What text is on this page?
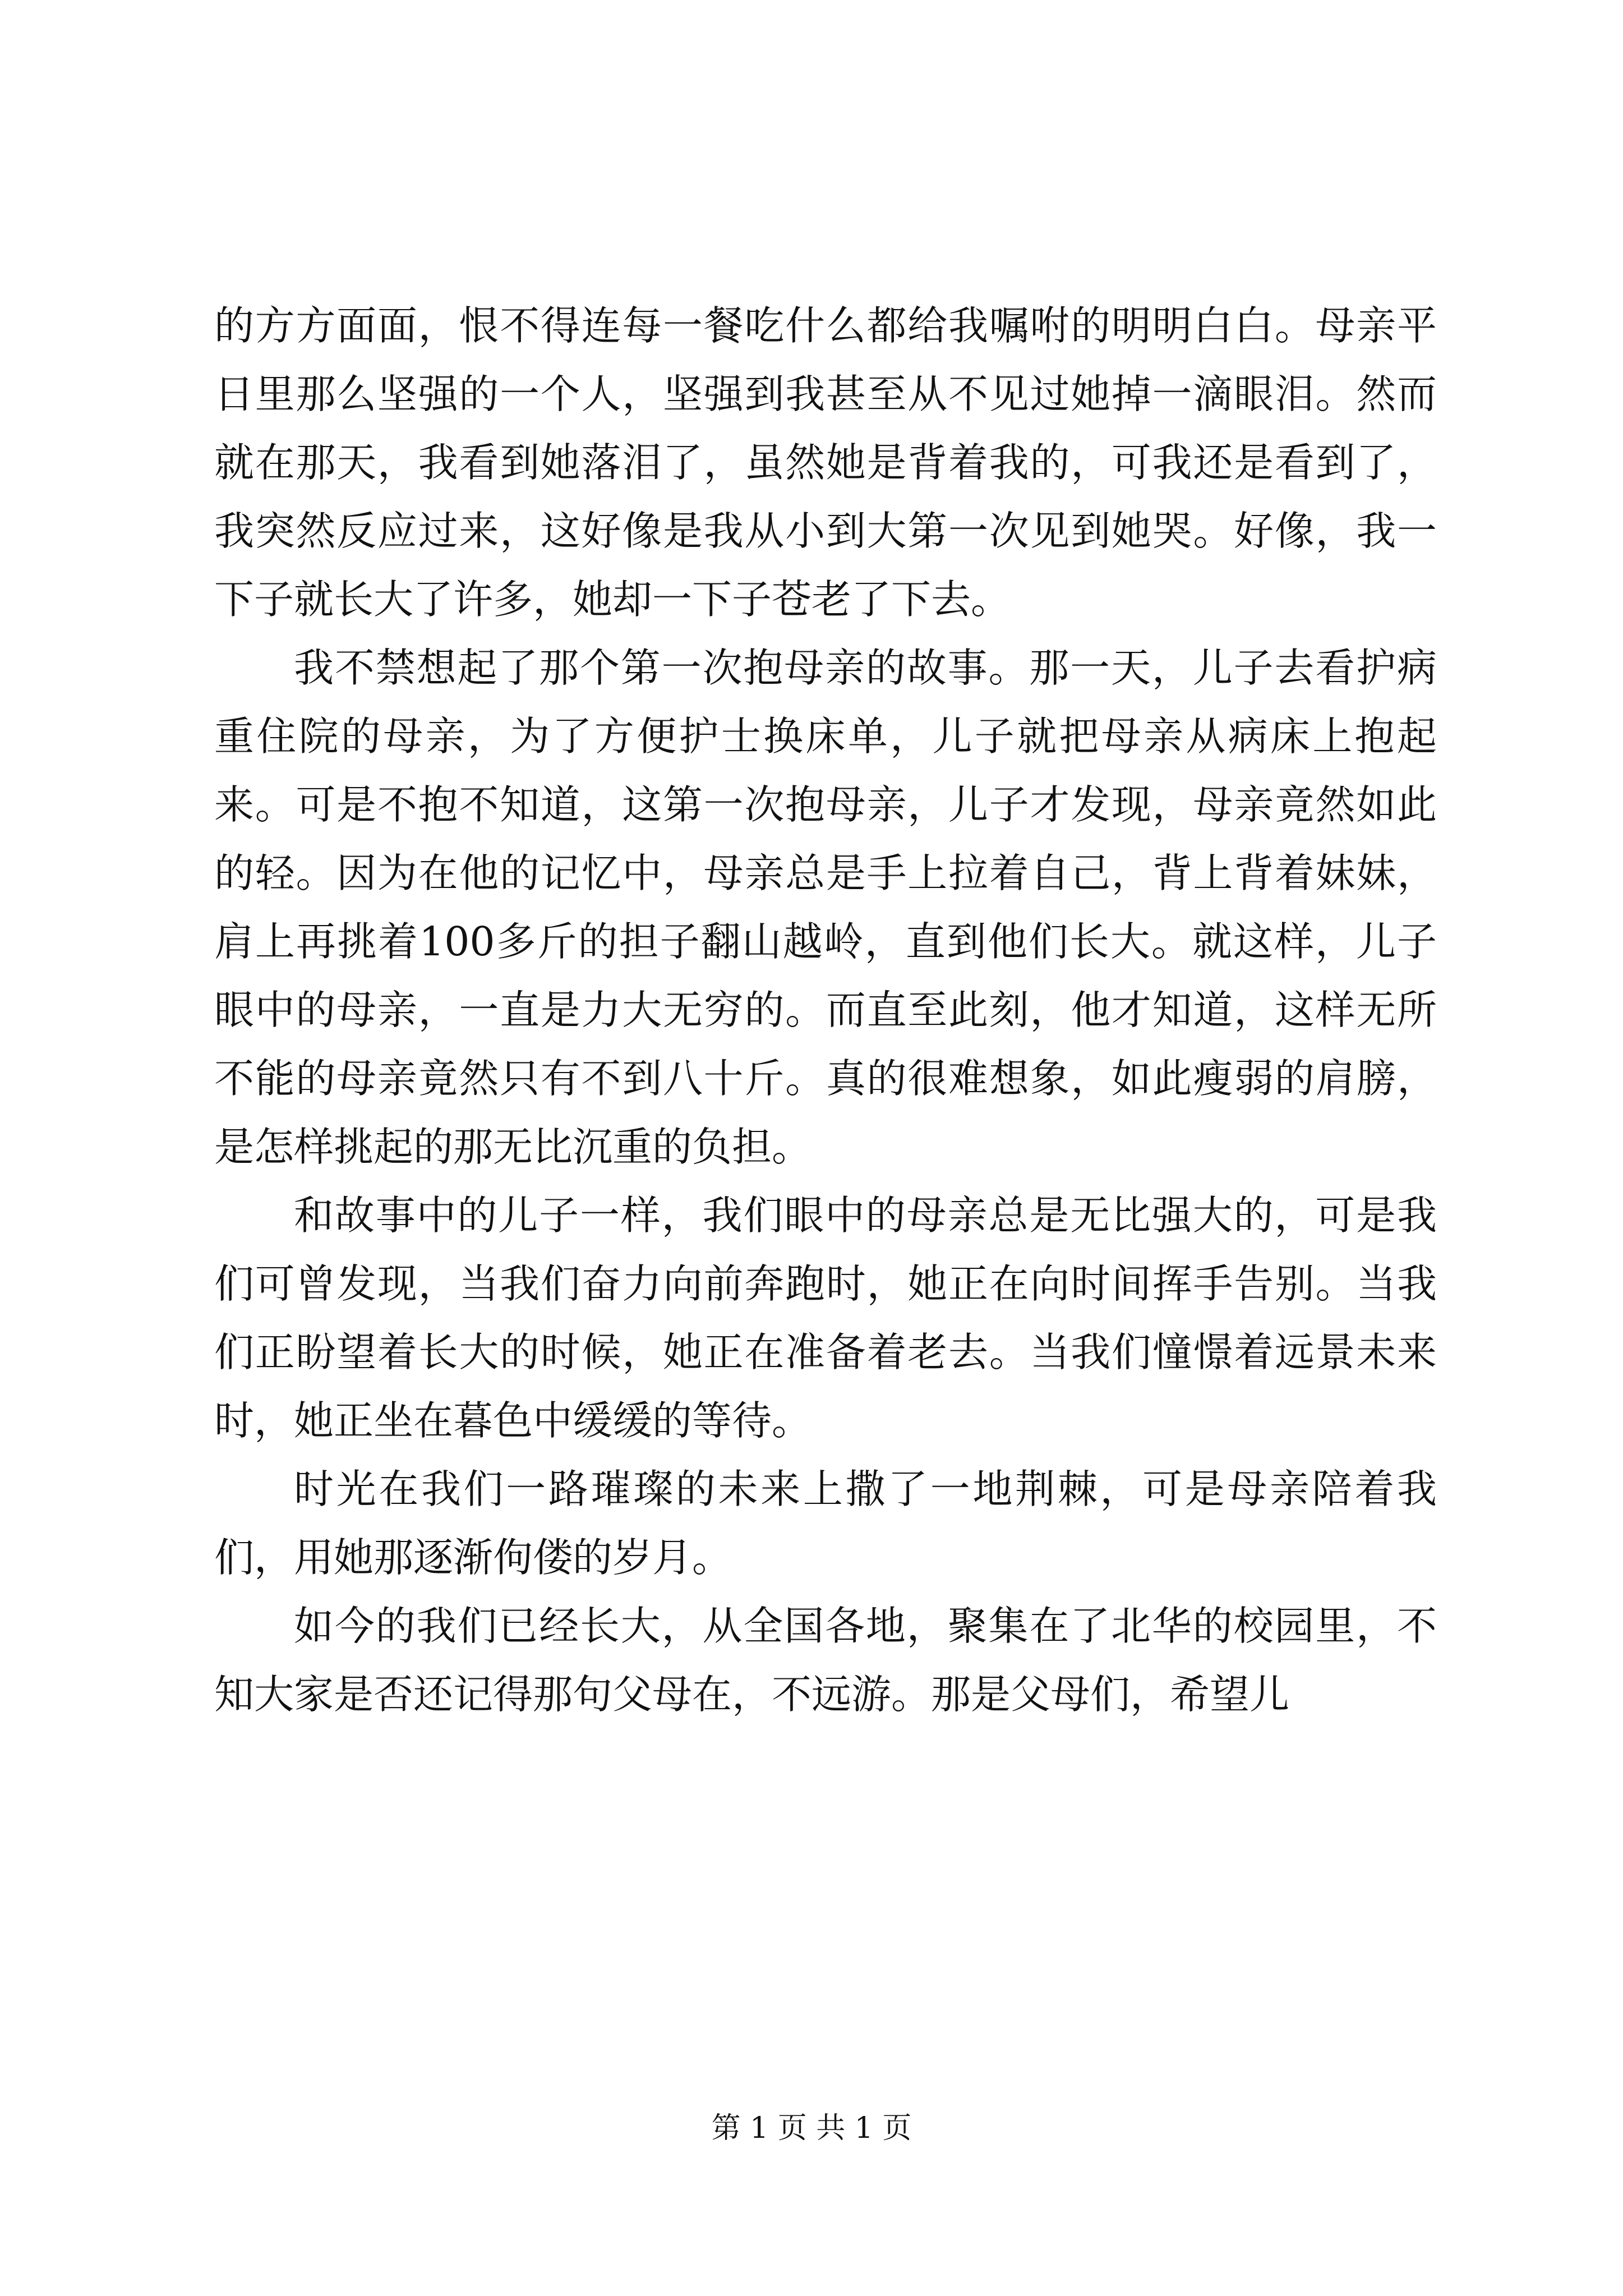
的方方面面，恨不得连每一餐吃什么都给我嘱咐的明明白白。母亲平日里那么坚强的一个人，坚强到我甚至从不见过她掉一滴眼泪。然而就在那天，我看到她落泪了，虽然她是背着我的，可我还是看到了，我突然反应过来，这好像是我从小到大第一次见到她哭。好像，我一下子就长大了许多，她却一下子苍老了下去。

我不禁想起了那个第一次抱母亲的故事。那一天，儿子去看护病重住院的母亲，为了方便护士换床单，儿子就把母亲从病床上抱起来。可是不抱不知道，这第一次抱母亲，儿子才发现，母亲竟然如此的轻。因为在他的记忆中，母亲总是手上拉着自己，背上背着妹妹，肩上再挑着100多斤的担子翻山越岭，直到他们长大。就这样，儿子眼中的母亲，一直是力大无穷的。而直至此刻，他才知道，这样无所不能的母亲竟然只有不到八十斤。真的很难想象，如此瘦弱的肩膀，是怎样挑起的那无比沉重的负担。

和故事中的儿子一样，我们眼中的母亲总是无比强大的，可是我们可曾发现，当我们奋力向前奔跑时，她正在向时间挥手告别。当我们正盼望着长大的时候，她正在准备着老去。当我们憧憬着远景未来时，她正坐在暮色中缓缓的等待。

时光在我们一路璀璨的未来上撒了一地荆棘，可是母亲陪着我们，用她那逐渐佝偻的岁月。

如今的我们已经长大，从全国各地，聚集在了北华的校园里，不知大家是否还记得那句父母在，不远游。那是父母们，希望儿

第 1 页 共 1 页
